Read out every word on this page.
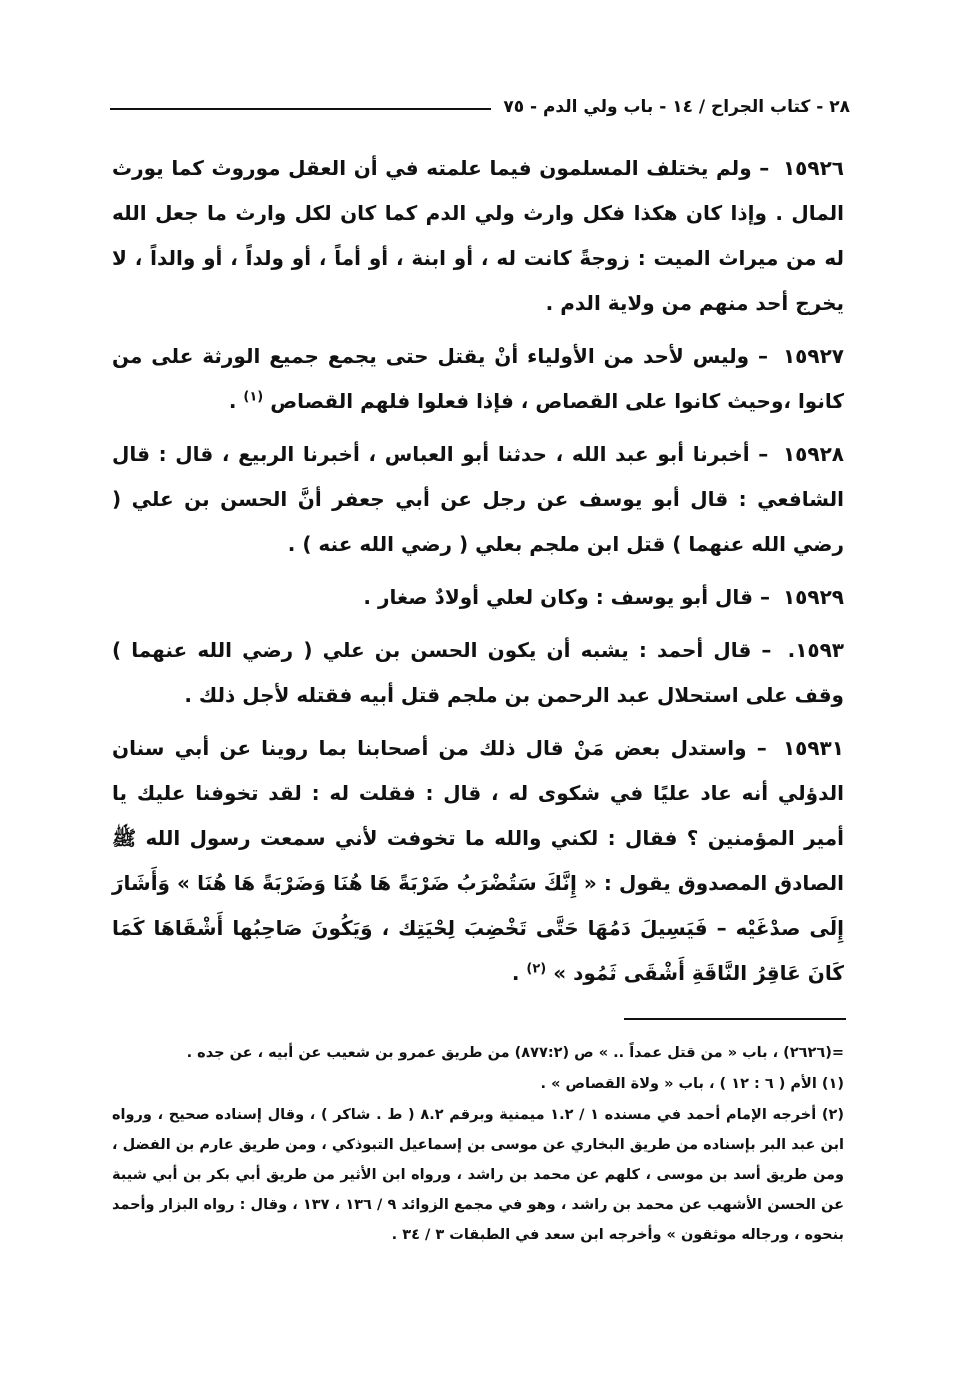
٢٨ - كتاب الجراح / ١٤ - باب ولي الدم - ٧٥

١٥٩٢٦ – ولم يختلف المسلمون فيما علمته في أن العقل موروث كما يورث المال . وإذا كان هكذا فكل وارث ولي الدم كما كان لكل وارث ما جعل الله له من ميراث الميت : زوجةً كانت له ، أو ابنة ، أو أماً ، أو ولداً ، أو والداً ، لا يخرج أحد منهم من ولاية الدم .

١٥٩٢٧ – وليس لأحد من الأولياء أنْ يقتل حتى يجمع جميع الورثة على من كانوا ،وحيث كانوا على القصاص ، فإذا فعلوا فلهم القصاص $^{(١)}$ .

١٥٩٢٨ – أخبرنا أبو عبد الله ، حدثنا أبو العباس ، أخبرنا الربيع ، قال : قال الشافعي : قال أبو يوسف عن رجل عن أبي جعفر أنَّ الحسن بن علي ( رضي الله عنهما ) قتل ابن ملجم بعلي ( رضي الله عنه ) .

١٥٩٢٩ – قال أبو يوسف : وكان لعلي أولادٌ صغار .

١٥٩٣. – قال أحمد : يشبه أن يكون الحسن بن علي ( رضي الله عنهما ) وقف على استحلال عبد الرحمن بن ملجم قتل أبيه فقتله لأجل ذلك .

١٥٩٣١ – واستدل بعض مَنْ قال ذلك من أصحابنا بما روينا عن أبي سنان الدؤلي أنه عاد عليًا في شكوى له ، قال : فقلت له : لقد تخوفنا عليك يا أمير المؤمنين ؟ فقال : لكني والله ما تخوفت لأني سمعت رسول الله ﷺ الصادق المصدوق يقول : « إِنَّكَ سَتُضْرَبُ ضَرْبَةً هَا هُنَا وَضَرْبَةً هَا هُنَا » وَأَشَارَ إِلَى صدْغَيْه – فَيَسِيلَ دَمُهَا حَتَّى تَخْضِبَ لِحْيَتِك ، وَيَكُونَ صَاحِبُها أَشْقَاهَا كَمَا كَانَ عَاقِرُ النَّاقَةِ أَشْقَى ثَمُود » $^{(٢)}$ .

=(٢٦٢٦) ، باب « من قتل عمداً .. » ص (٨٧٧:٢) من طريق عمرو بن شعيب عن أبيه ، عن جده .

(١) الأم ( ٦ : ١٢ ) ، باب « ولاة القصاص » .

(٢) أخرجه الإمام أحمد في مسنده ١ / ١.٢ ميمنية وبرقم ٨.٢ ( ط . شاكر ) ، وقال إسناده صحيح ، ورواه ابن عبد البر بإسناده من طريق البخاري عن موسى بن إسماعيل التبوذكي ، ومن طريق عارم بن الفضل ، ومن طريق أسد بن موسى ، كلهم عن محمد بن راشد ، ورواه ابن الأثير من طريق أبي بكر بن أبي شيبة عن الحسن الأشهب عن محمد بن راشد ، وهو في مجمع الزوائد ٩ / ١٣٦ ، ١٣٧ ، وقال : رواه البزار وأحمد بنحوه ، ورجاله موثقون » وأخرجه ابن سعد في الطبقات ٣ / ٣٤ .
